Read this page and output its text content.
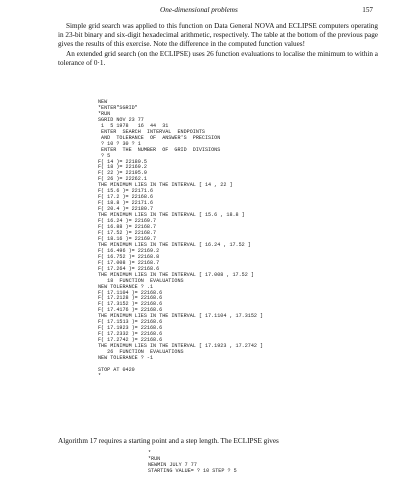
One-dimensional problems	157

Simple grid search was applied to this function on Data General NOVA and ECLIPSE computers operating in 23-bit binary and six-digit hexadecimal arithmetic, respectively. The table at the bottom of the previous page gives the results of this exercise. Note the difference in the computed function values!

An extended grid search (on the ECLIPSE) uses 26 function evaluations to localise the minimum to within a tolerance of 0·1.

NEW
*ENTER"SGRID"
*RUN
SGRID NOV 23 77
1  5 1978   16  44  31
ENTER  SEARCH  INTERVAL  ENDPOINTS
AND  TOLERANCE  OF  ANSWER'S  PRECISION
? 10 ? 30 ? 1
ENTER  THE  NUMBER  OF  GRID  DIVISIONS
? 5
F( 14 )= 22180.5
F( 18 )= 22169.2
F( 22 )= 22195.9
F( 26 )= 22262.1
THE MINIMUM LIES IN THE INTERVAL [ 14 , 22 ]
F( 15.6 )= 22171.6
F( 17.2 )= 22168.6
F( 18.8 )= 22171.6
F( 20.4 )= 22180.7
THE MINIMUM LIES IN THE INTERVAL [ 15.6 , 18.8 ]
F( 16.24 )= 22169.7
F( 16.88 )= 22168.7
F( 17.52 )= 22168.7
F( 18.16 )= 22169.7
THE MINIMUM LIES IN THE INTERVAL [ 16.24 , 17.52 ]
F( 16.496 )= 22169.2
F( 16.752 )= 22168.8
F( 17.008 )= 22168.7
F( 17.264 )= 22168.6
THE MINIMUM LIES IN THE INTERVAL [ 17.008 , 17.52 ]
18  FUNCTION  EVALUATIONS
NEW TOLERANCE ? .1
F( 17.1104 )= 22168.6
F( 17.2128 )= 22168.6
F( 17.3152 )= 22168.6
F( 17.4176 )= 22168.6
THE MINIMUM LIES IN THE INTERVAL [ 17.1104 , 17.3152 ]
F( 17.1513 )= 22168.6
F( 17.1923 )= 22168.6
F( 17.2332 )= 22168.6
F( 17.2742 )= 22168.6
THE MINIMUM LIES IN THE INTERVAL [ 17.1923 , 17.2742 ]
26  FUNCTION  EVALUATIONS
NEW TOLERANCE ? -1

STOP AT 0420
*
Algorithm 17 requires a starting point and a step length. The ECLIPSE gives
*
*RUN
NEWMIN JULY 7 77
STARTING VALUE= ? 10 STEP ? 5
